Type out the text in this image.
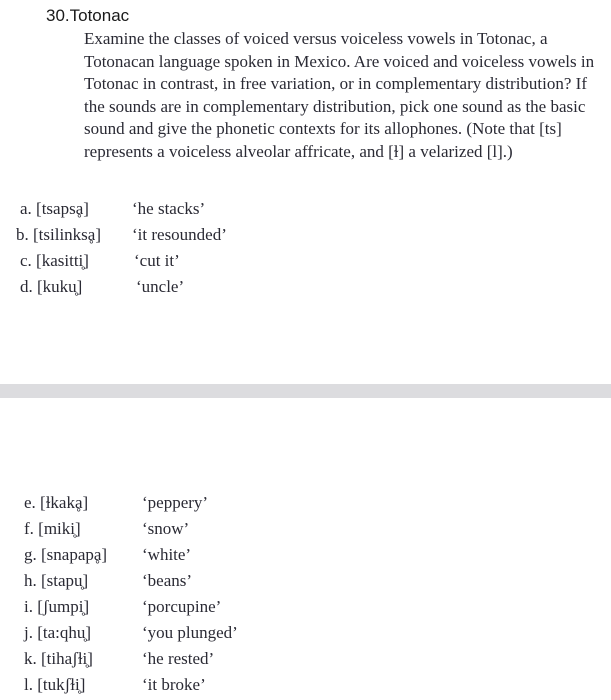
30.Totonac
Examine the classes of voiced versus voiceless vowels in Totonac, a Totonacan language spoken in Mexico. Are voiced and voiceless vowels in Totonac in contrast, in free variation, or in complementary distribution? If the sounds are in complementary distribution, pick one sound as the basic sound and give the phonetic contexts for its allophones. (Note that [ts] represents a voiceless alveolar affricate, and [ɫ] a velarized [l].)
a. [tsapsḁ]	‘he stacks’
b. [tsilinksḁ] ‘it resounded’
c. [kasitti̥]	‘cut it’
d. [kuku̥]	‘uncle’
e. [ɫkakḁ]	‘peppery’
f. [miki̥]	‘snow’
g. [snapapḁ] ‘white’
h. [stapu̥]	‘beans’
i. [ʃumpi̥]	‘porcupine’
j. [ta:qhu̥]	‘you plunged’
k. [tihaʃɫi̥]	‘he rested’
l. [tukʃɫi̥]	‘it broke’
